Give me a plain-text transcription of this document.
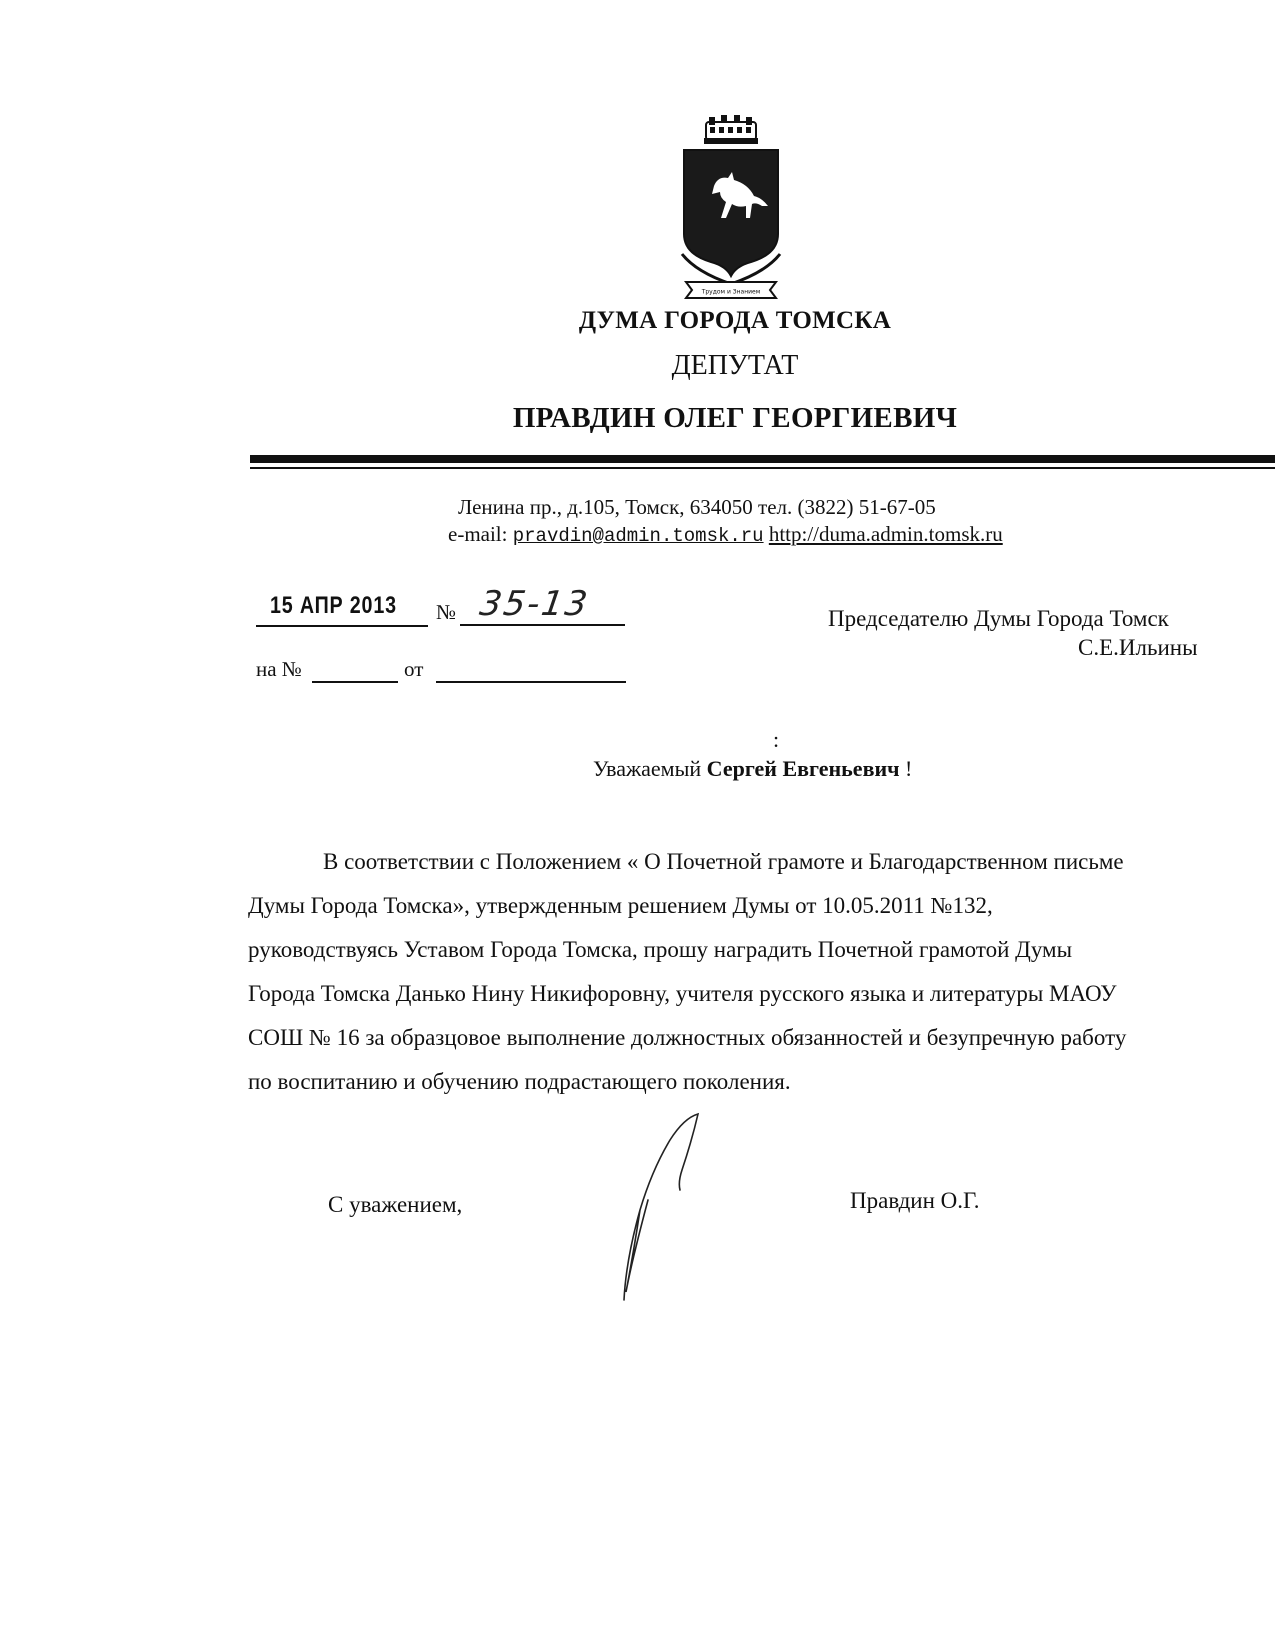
Трудом и Знанием
ДУМА ГОРОДА ТОМСКА
ДЕПУТАТ
ПРАВДИН ОЛЕГ ГЕОРГИЕВИЧ
Ленина пр., д.105, Томск, 634050 тел. (3822) 51-67-05
e-mail: pravdin@admin.tomsk.ru http://duma.admin.tomsk.ru
15 АПР 2013 № 35-13
на №	от
Председателю Думы Города Томск
С.Е.Ильины
:
Уважаемый Сергей Евгеньевич !
В соответствии с Положением « О Почетной грамоте и Благодарственном письме
Думы Города Томска», утвержденным решением Думы от 10.05.2011 №132,
руководствуясь Уставом Города Томска, прошу наградить Почетной грамотой Думы
Города Томска Данько Нину Никифоровну, учителя русского языка и литературы МАОУ
СОШ № 16 за образцовое выполнение должностных обязанностей и безупречную работу
по воспитанию и обучению подрастающего поколения.
С уважением,	Правдин О.Г.
